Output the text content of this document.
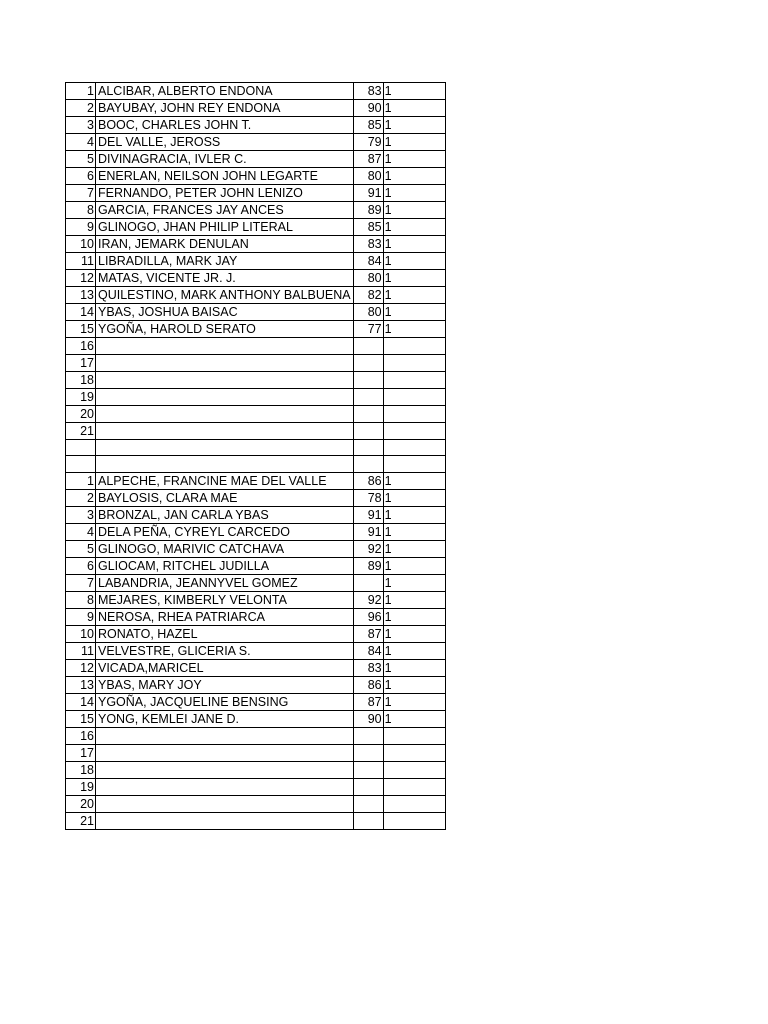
1	ALCIBAR, ALBERTO ENDONA	83	1
2	BAYUBAY, JOHN REY ENDONA	90	1
3	BOOC, CHARLES JOHN T.	85	1
4	DEL VALLE, JEROSS	79	1
5	DIVINAGRACIA, IVLER C.	87	1
6	ENERLAN, NEILSON JOHN LEGARTE	80	1
7	FERNANDO, PETER JOHN LENIZO	91	1
8	GARCIA, FRANCES JAY ANCES	89	1
9	GLINOGO, JHAN PHILIP LITERAL	85	1
10	IRAN, JEMARK DENULAN	83	1
11	LIBRADILLA, MARK JAY	84	1
12	MATAS, VICENTE JR. J.	80	1
13	QUILESTINO, MARK ANTHONY BALBUENA	82	1
14	YBAS, JOSHUA BAISAC	80	1
15	YGOÑA, HAROLD SERATO	77	1
16			
17			
18			
19			
20			
21			

1	ALPECHE, FRANCINE MAE DEL VALLE	86	1
2	BAYLOSIS, CLARA MAE	78	1
3	BRONZAL, JAN CARLA YBAS	91	1
4	DELA PEÑA, CYREYL CARCEDO	91	1
5	GLINOGO, MARIVIC CATCHAVA	92	1
6	GLIOCAM, RITCHEL JUDILLA	89	1
7	LABANDRIA, JEANNYVEL GOMEZ		1
8	MEJARES, KIMBERLY VELONTA	92	1
9	NEROSA, RHEA PATRIARCA	96	1
10	RONATO, HAZEL	87	1
11	VELVESTRE, GLICERIA S.	84	1
12	VICADA,MARICEL	83	1
13	YBAS, MARY JOY	86	1
14	YGOÑA, JACQUELINE BENSING	87	1
15	YONG, KEMLEI JANE D.	90	1
16			
17			
18			
19			
20			
21			
